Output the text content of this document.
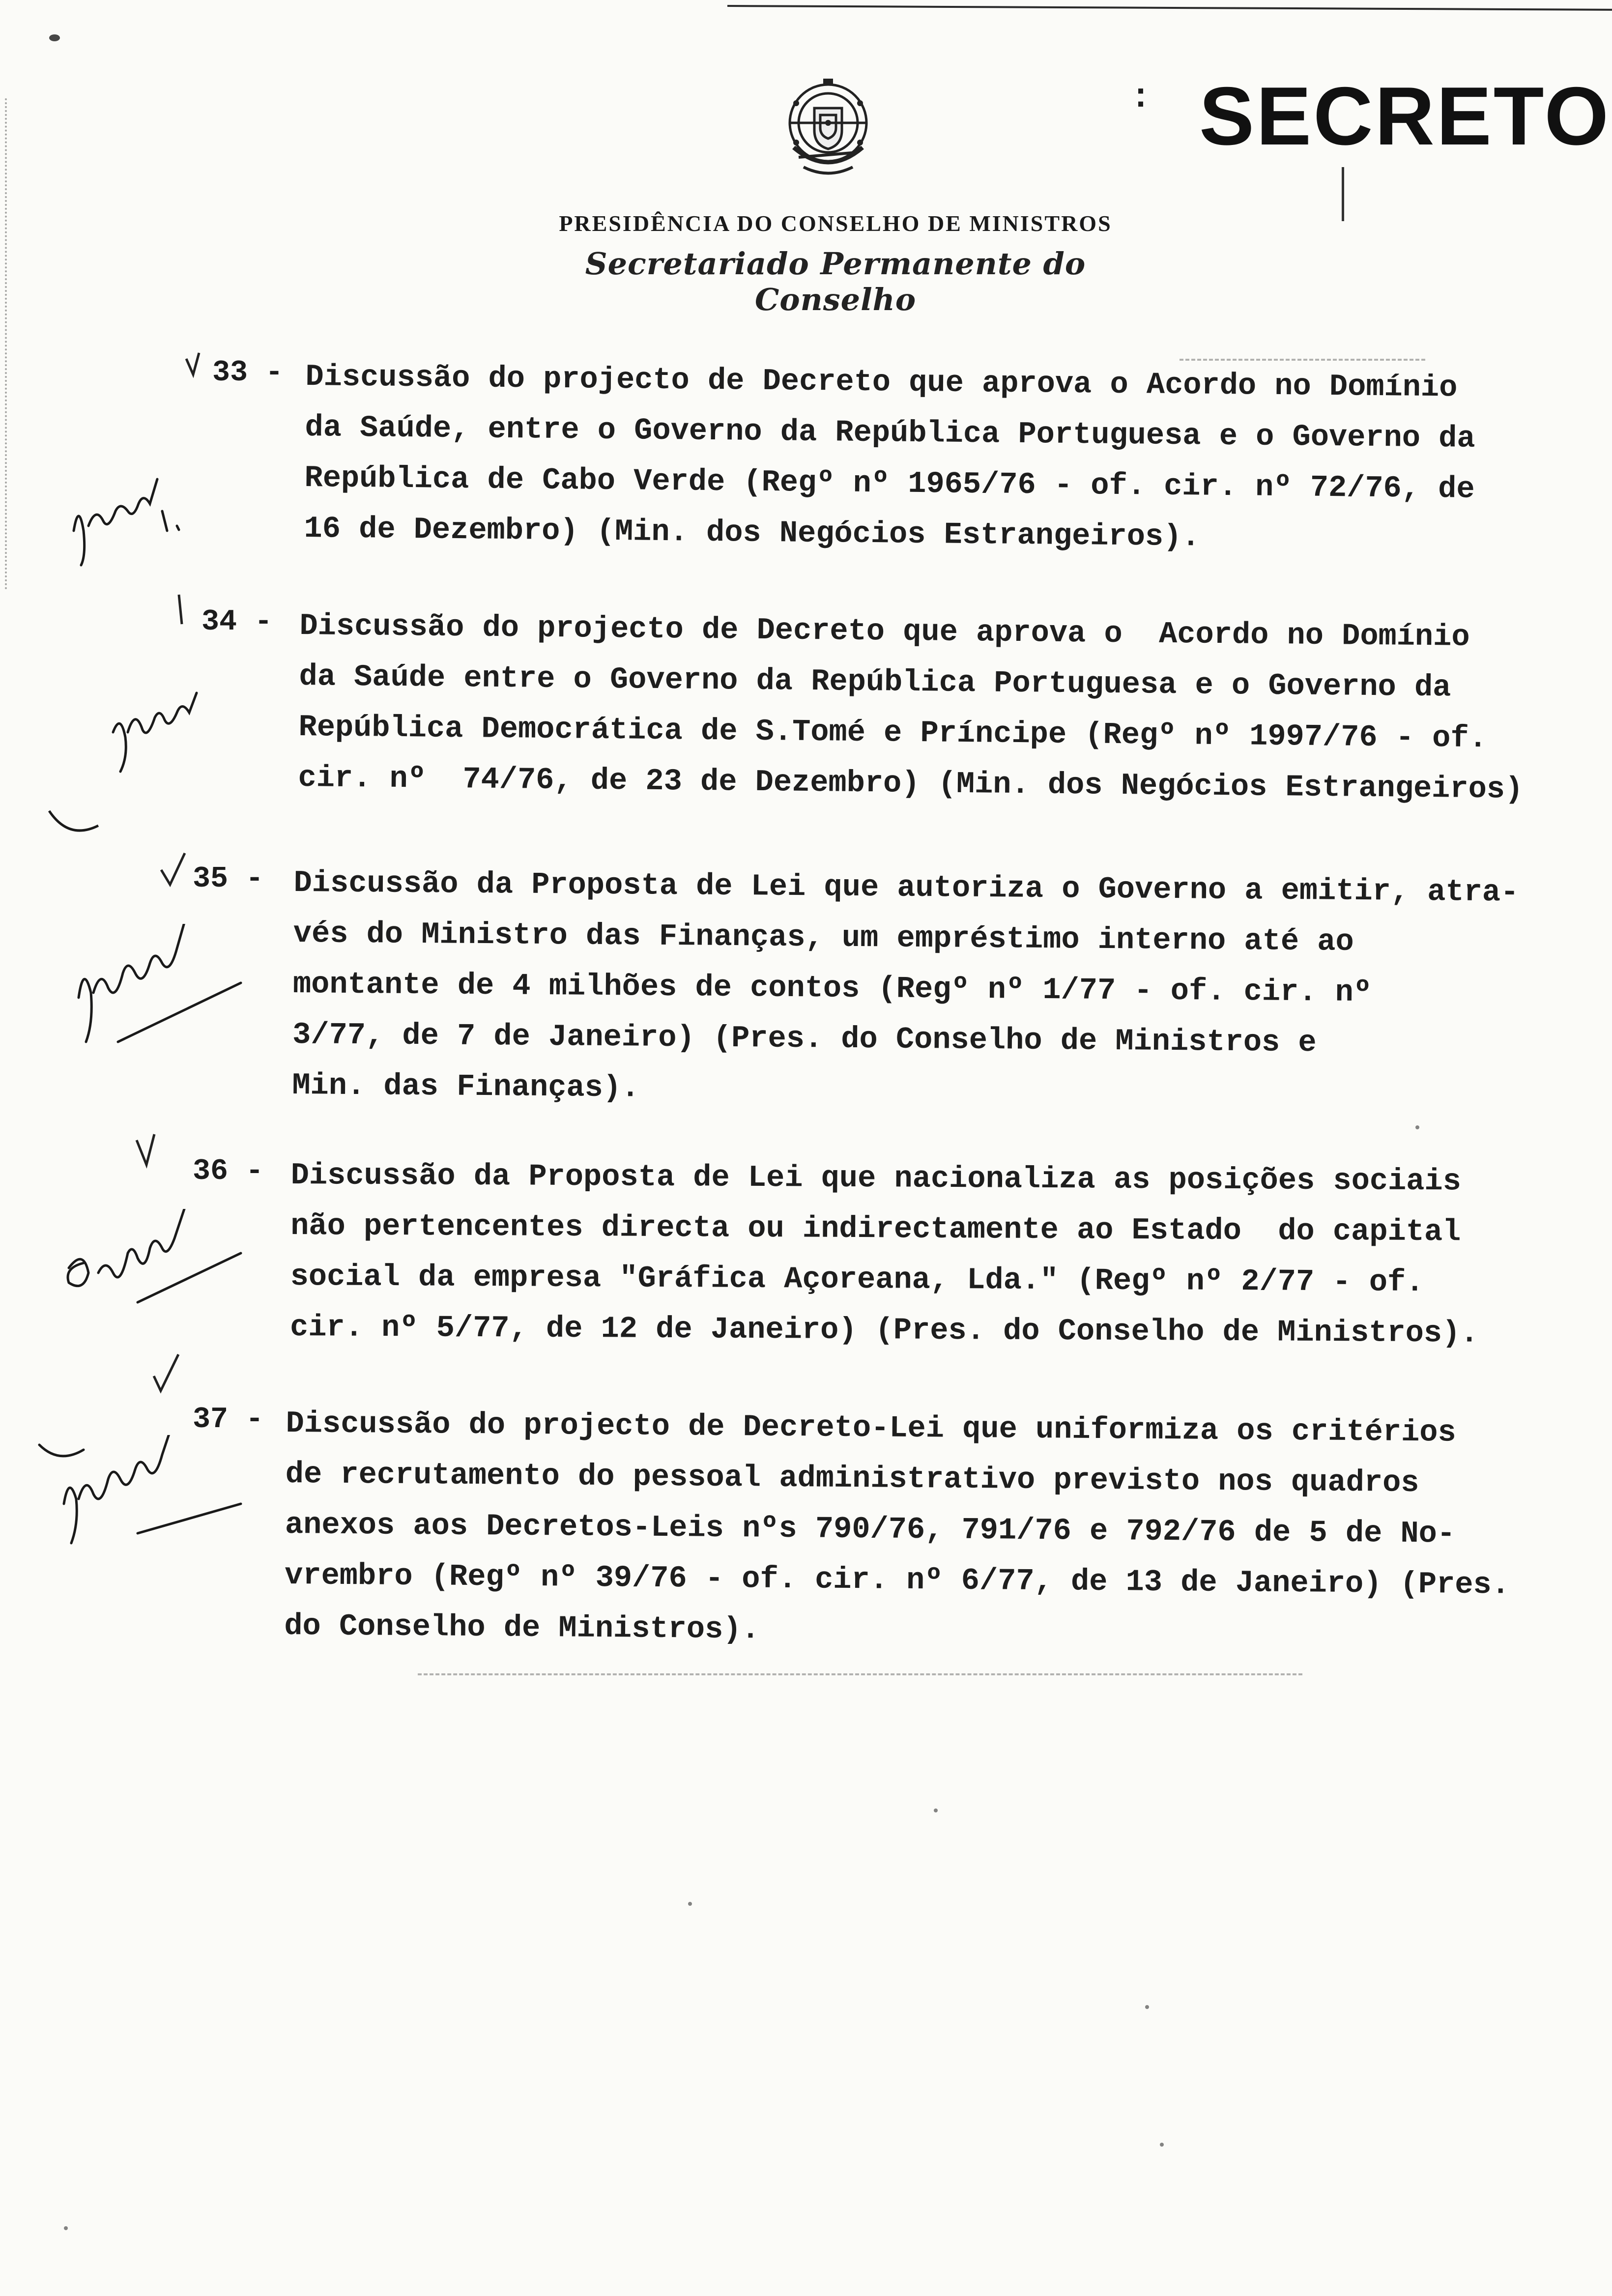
: SECRETO
PRESIDÊNCIA DO CONSELHO DE MINISTROS
Secretariado Permanente do Conselho
33 - Discussão do projecto de Decreto que aprova o Acordo no Domínio
da Saúde, entre o Governo da República Portuguesa e o Governo da
República de Cabo Verde (Regº nº 1965/76 - of. cir. nº 72/76, de
16 de Dezembro) (Min. dos Negócios Estrangeiros).
34 - Discussão do projecto de Decreto que aprova o  Acordo no Domínio
da Saúde entre o Governo da República Portuguesa e o Governo da
República Democrática de S.Tomé e Príncipe (Regº nº 1997/76 - of.
cir. nº  74/76, de 23 de Dezembro) (Min. dos Negócios Estrangeiros)
35 - Discussão da Proposta de Lei que autoriza o Governo a emitir, atra-
vés do Ministro das Finanças, um empréstimo interno até ao
montante de 4 milhões de contos (Regº nº 1/77 - of. cir. nº
3/77, de 7 de Janeiro) (Pres. do Conselho de Ministros e
Min. das Finanças).
36 - Discussão da Proposta de Lei que nacionaliza as posições sociais
não pertencentes directa ou indirectamente ao Estado  do capital
social da empresa "Gráfica Açoreana, Lda." (Regº nº 2/77 - of.
cir. nº 5/77, de 12 de Janeiro) (Pres. do Conselho de Ministros).
37 - Discussão do projecto de Decreto-Lei que uniformiza os critérios
de recrutamento do pessoal administrativo previsto nos quadros
anexos aos Decretos-Leis nºs 790/76, 791/76 e 792/76 de 5 de No-
vrembro (Regº nº 39/76 - of. cir. nº 6/77, de 13 de Janeiro) (Pres.
do Conselho de Ministros).
